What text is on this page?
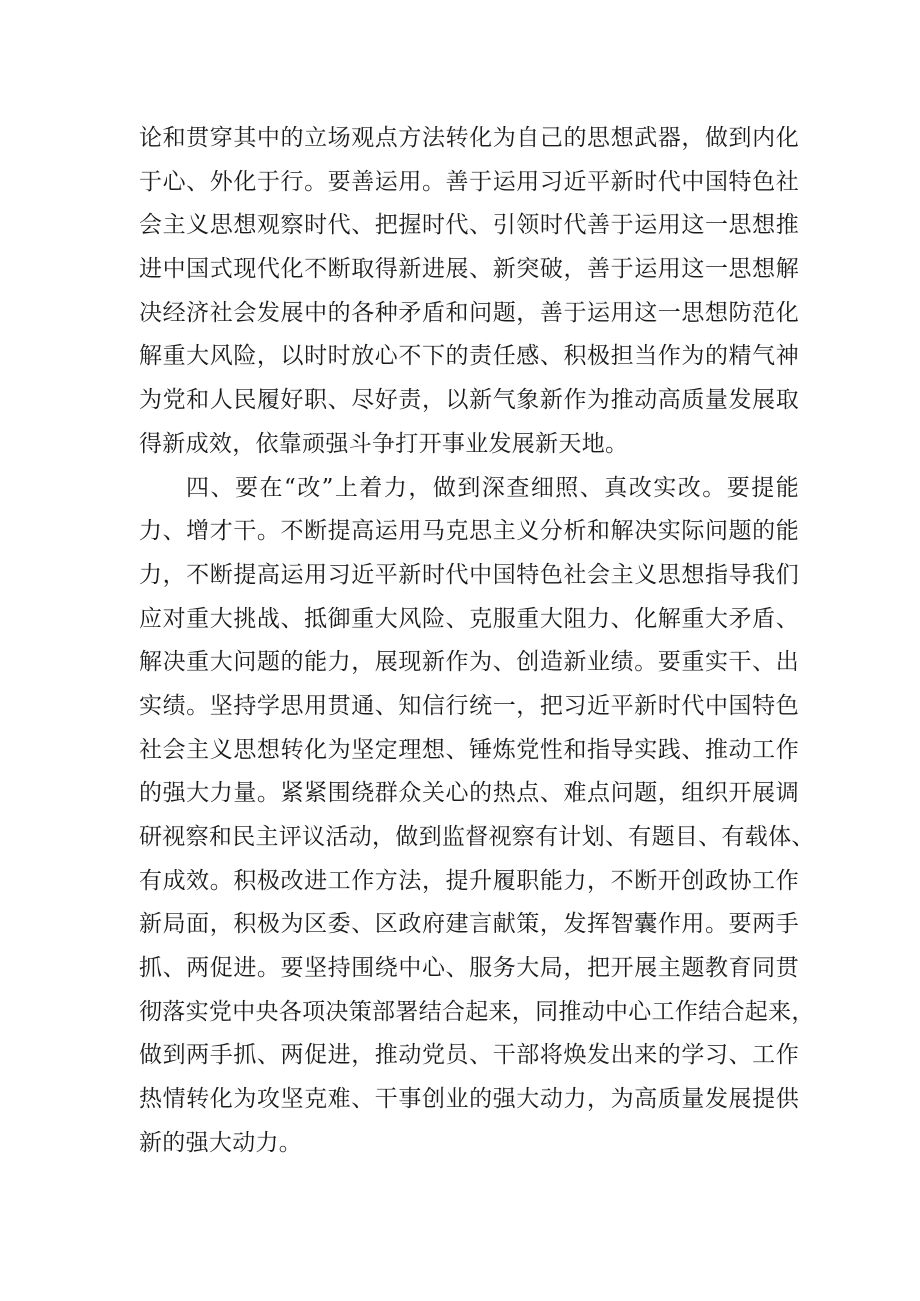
论和贯穿其中的立场观点方法转化为自己的思想武器，做到内化
于心、外化于行。要善运用。善于运用习近平新时代中国特色社
会主义思想观察时代、把握时代、引领时代善于运用这一思想推
进中国式现代化不断取得新进展、新突破，善于运用这一思想解
决经济社会发展中的各种矛盾和问题，善于运用这一思想防范化
解重大风险，以时时放心不下的责任感、积极担当作为的精气神
为党和人民履好职、尽好责，以新气象新作为推动高质量发展取
得新成效，依靠顽强斗争打开事业发展新天地。
四、要在“改”上着力，做到深查细照、真改实改。要提能
力、增才干。不断提高运用马克思主义分析和解决实际问题的能
力，不断提高运用习近平新时代中国特色社会主义思想指导我们
应对重大挑战、抵御重大风险、克服重大阻力、化解重大矛盾、
解决重大问题的能力，展现新作为、创造新业绩。要重实干、出
实绩。坚持学思用贯通、知信行统一，把习近平新时代中国特色
社会主义思想转化为坚定理想、锤炼党性和指导实践、推动工作
的强大力量。紧紧围绕群众关心的热点、难点问题，组织开展调
研视察和民主评议活动，做到监督视察有计划、有题目、有载体、
有成效。积极改进工作方法，提升履职能力，不断开创政协工作
新局面，积极为区委、区政府建言献策，发挥智囊作用。要两手
抓、两促进。要坚持围绕中心、服务大局，把开展主题教育同贯
彻落实党中央各项决策部署结合起来，同推动中心工作结合起来，
做到两手抓、两促进，推动党员、干部将焕发出来的学习、工作
热情转化为攻坚克难、干事创业的强大动力，为高质量发展提供
新的强大动力。
